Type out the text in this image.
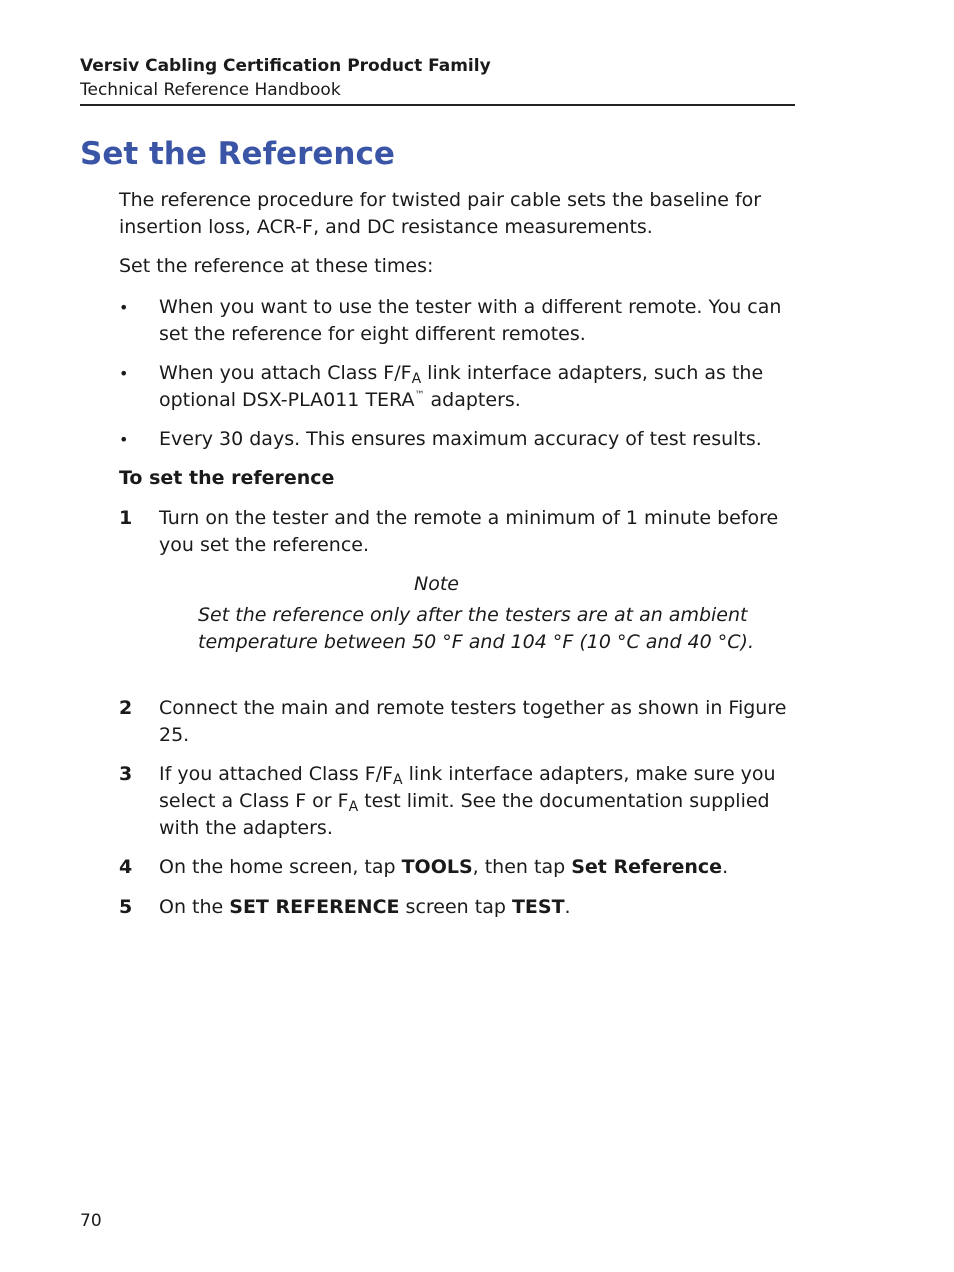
Versiv Cabling Certification Product Family
Technical Reference Handbook
Set the Reference

The reference procedure for twisted pair cable sets the baseline for insertion loss, ACR-F, and DC resistance measurements.

Set the reference at these times:

•	When you want to use the tester with a different remote. You can set the reference for eight different remotes.
•	When you attach Class $F/F_A$ link interface adapters, such as the optional DSX-PLA011 TERA™ adapters.
•	Every 30 days. This ensures maximum accuracy of test results.
To set the reference
1	Turn on the tester and the remote a minimum of 1 minute before you set the reference.
Note
Set the reference only after the testers are at an ambient temperature between 50 °F and 104 °F (10 °C and 40 °C).
2	Connect the main and remote testers together as shown in Figure 25.
3	If you attached Class $F/F_A$ link interface adapters, make sure you select a Class F or $F_A$ test limit. See the documentation supplied with the adapters.
4	On the home screen, tap TOOLS, then tap Set Reference.
5	On the SET REFERENCE screen tap TEST.
70
